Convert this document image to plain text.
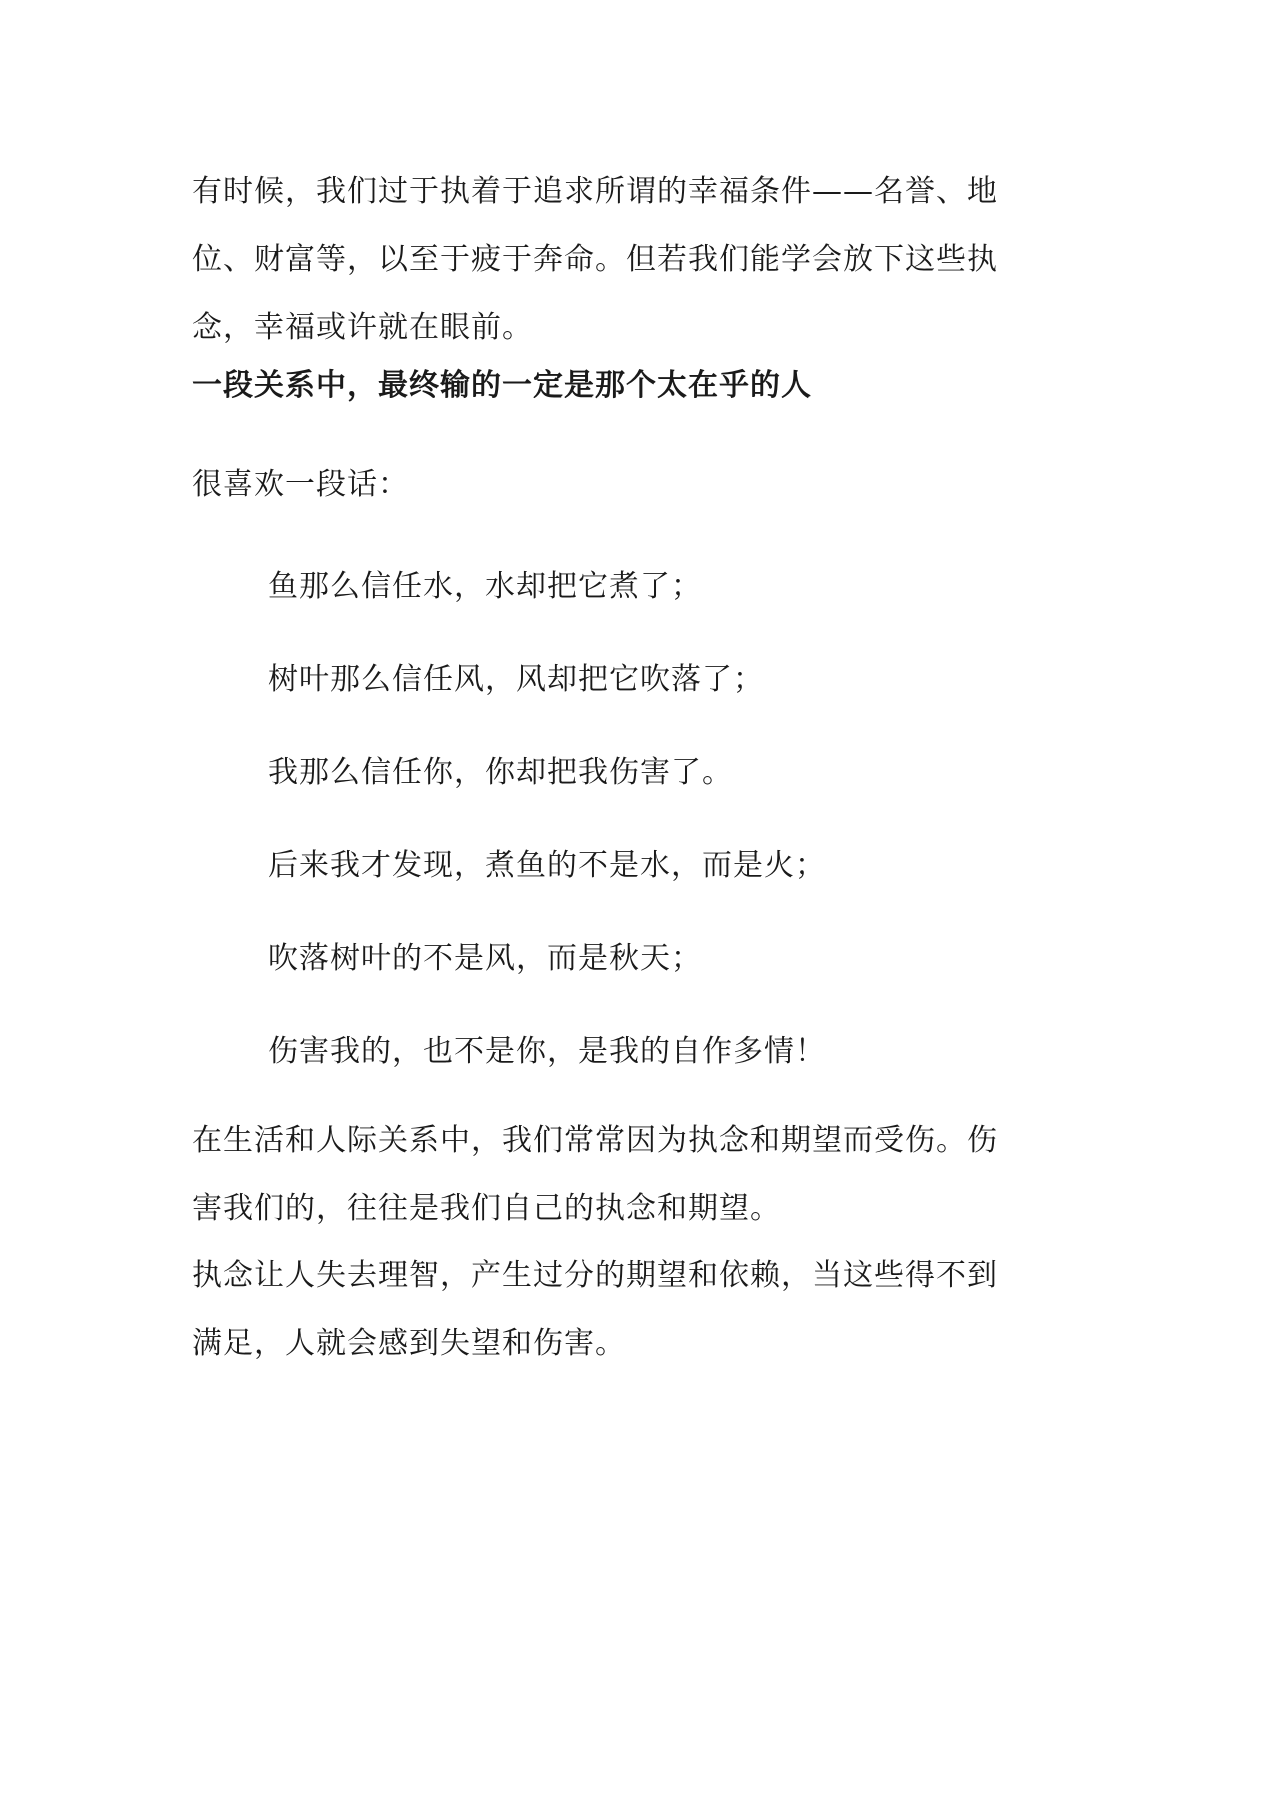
有时候，我们过于执着于追求所谓的幸福条件——名誉、地
位、财富等，以至于疲于奔命。但若我们能学会放下这些执
念，幸福或许就在眼前。
一段关系中，最终输的一定是那个太在乎的人
很喜欢一段话：
鱼那么信任水，水却把它煮了；
树叶那么信任风，风却把它吹落了；
我那么信任你，你却把我伤害了。
后来我才发现，煮鱼的不是水，而是火；
吹落树叶的不是风，而是秋天；
伤害我的，也不是你，是我的自作多情！
在生活和人际关系中，我们常常因为执念和期望而受伤。伤
害我们的，往往是我们自己的执念和期望。
执念让人失去理智，产生过分的期望和依赖，当这些得不到
满足，人就会感到失望和伤害。
